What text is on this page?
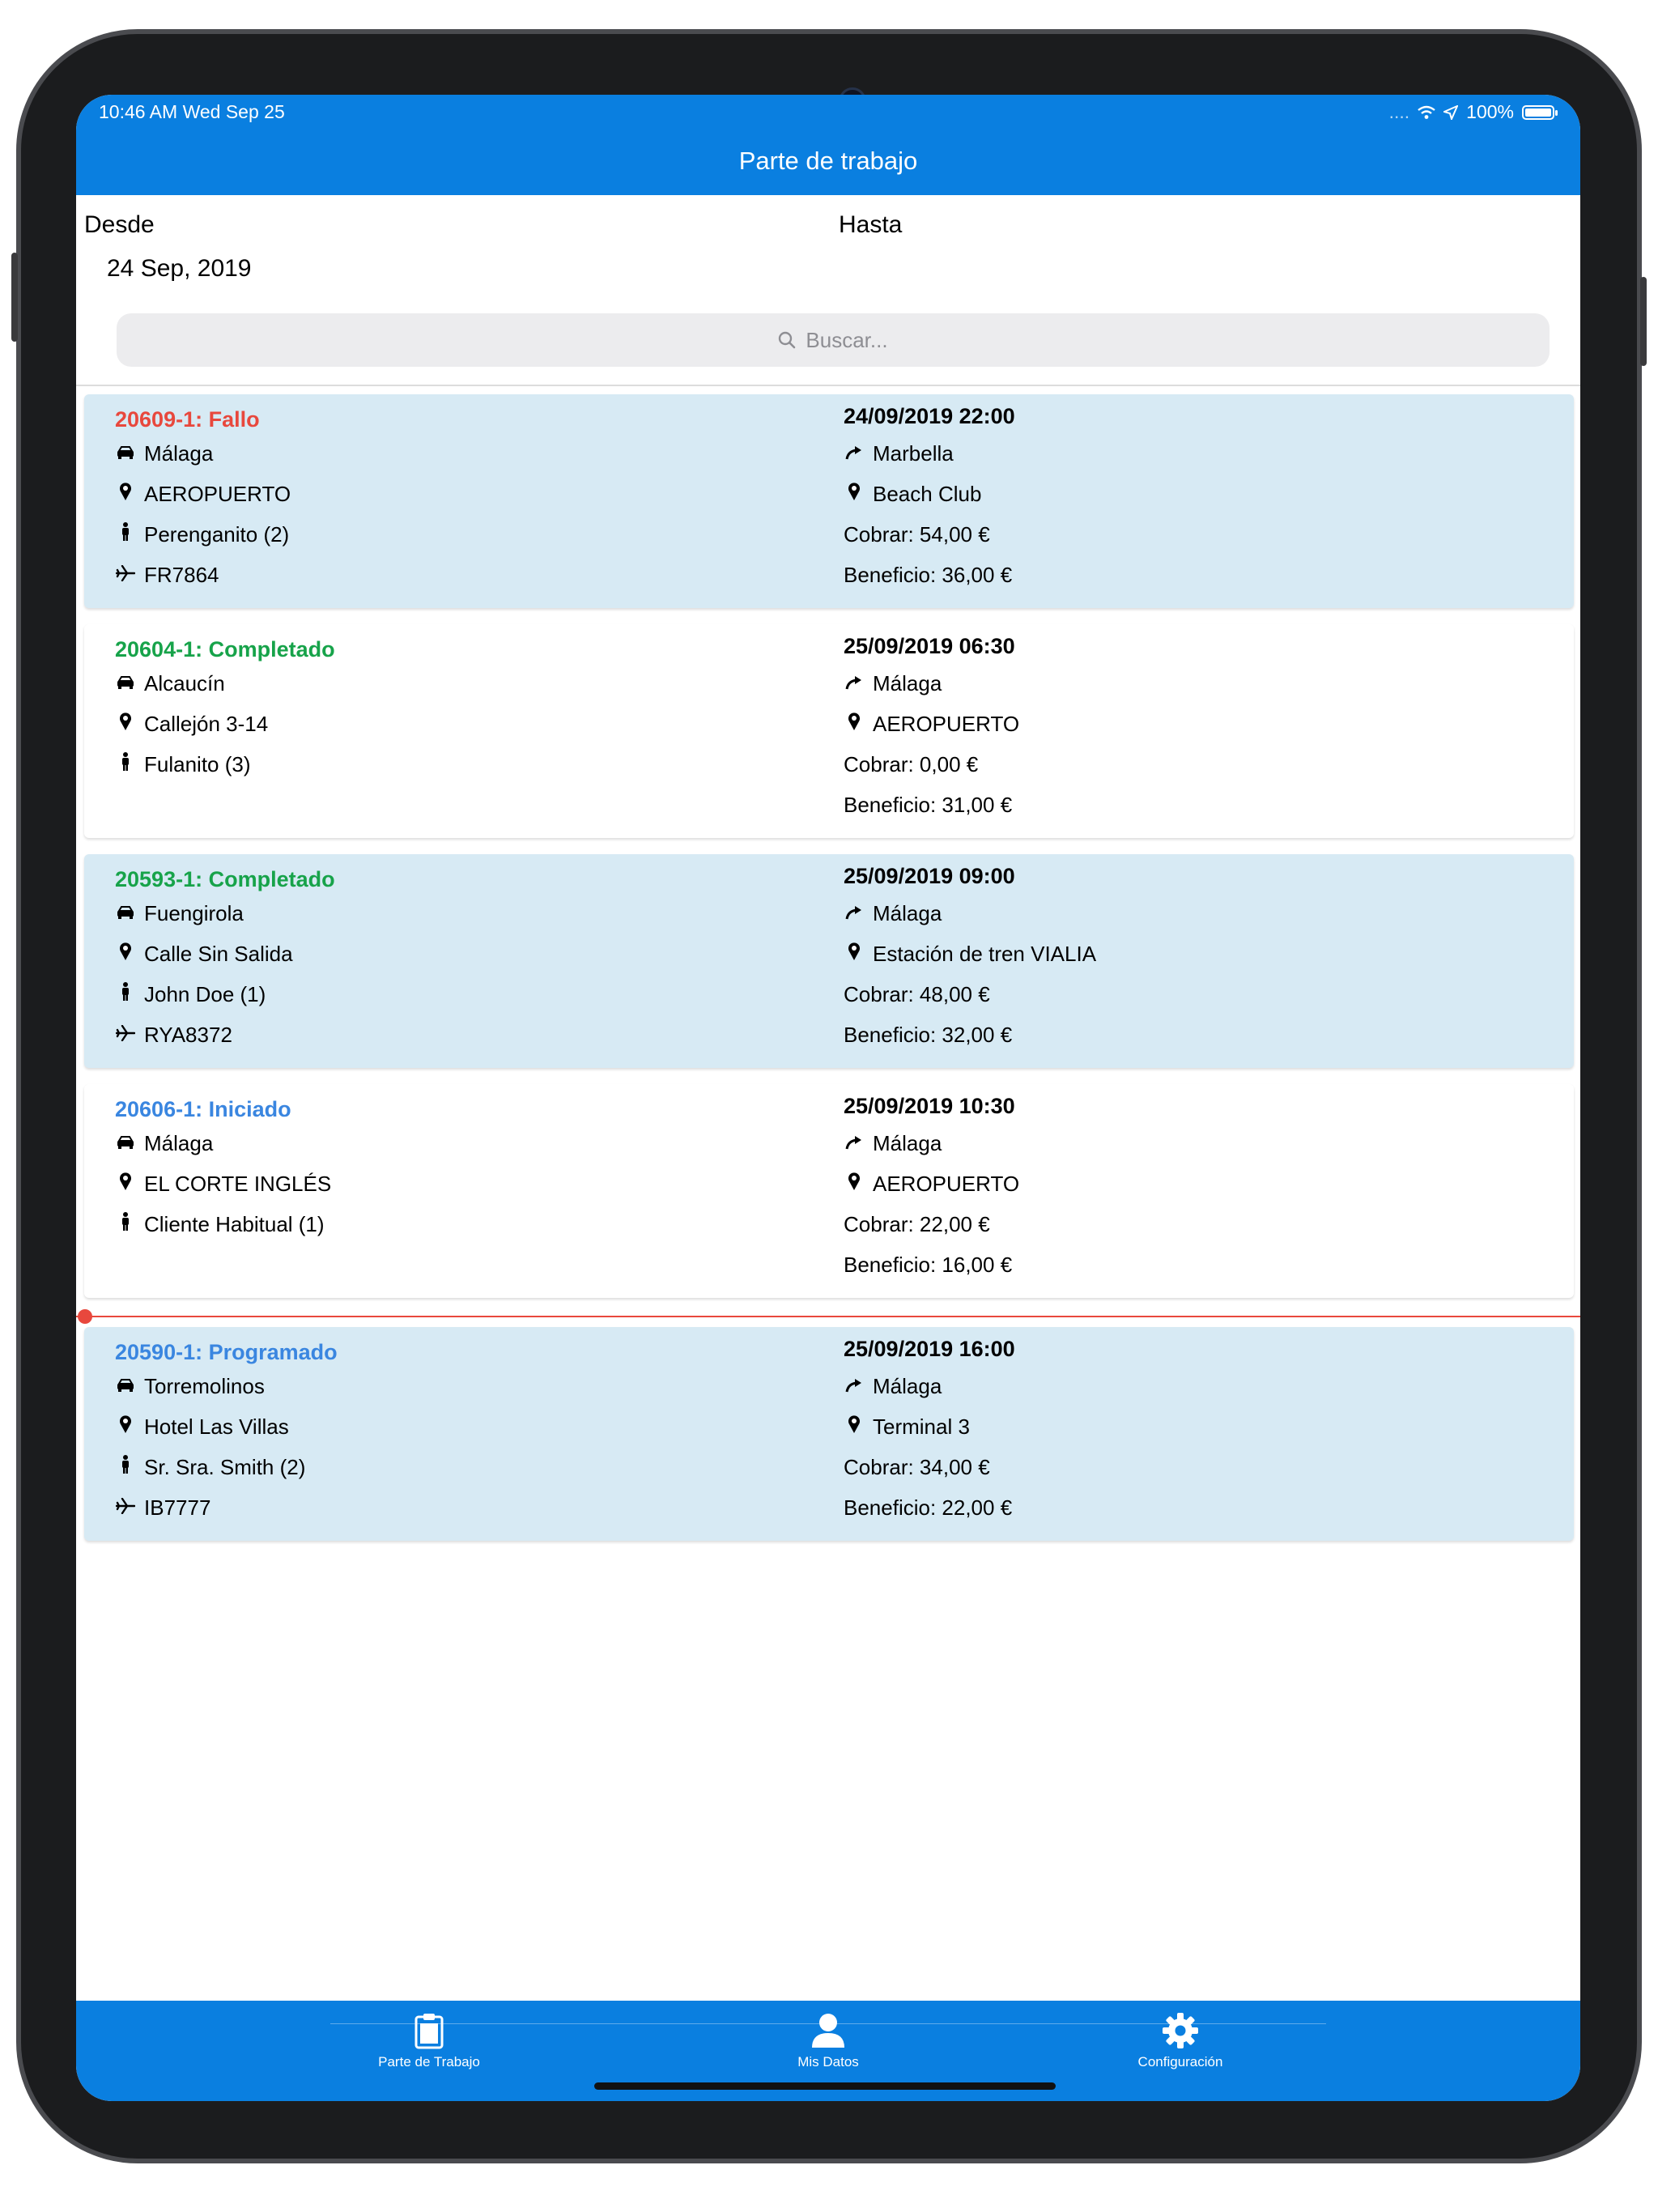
10:46 AM Wed Sep 25	....	100%
Parte de trabajo
Desde	Hasta
24 Sep, 2019
Buscar...
20609-1: Fallo
Málaga
AEROPUERTO
Perenganito (2)
FR7864
24/09/2019 22:00
Marbella
Beach Club
Cobrar: 54,00 €
Beneficio: 36,00 €
20604-1: Completado
Alcaucín
Callejón 3-14
Fulanito (3)
25/09/2019 06:30
Málaga
AEROPUERTO
Cobrar: 0,00 €
Beneficio: 31,00 €
20593-1: Completado
Fuengirola
Calle Sin Salida
John Doe (1)
RYA8372
25/09/2019 09:00
Málaga
Estación de tren VIALIA
Cobrar: 48,00 €
Beneficio: 32,00 €
20606-1: Iniciado
Málaga
EL CORTE INGLÉS
Cliente Habitual (1)
25/09/2019 10:30
Málaga
AEROPUERTO
Cobrar: 22,00 €
Beneficio: 16,00 €
20590-1: Programado
Torremolinos
Hotel Las Villas
Sr. Sra. Smith (2)
IB7777
25/09/2019 16:00
Málaga
Terminal 3
Cobrar: 34,00 €
Beneficio: 22,00 €
Parte de Trabajo	Mis Datos	Configuración
